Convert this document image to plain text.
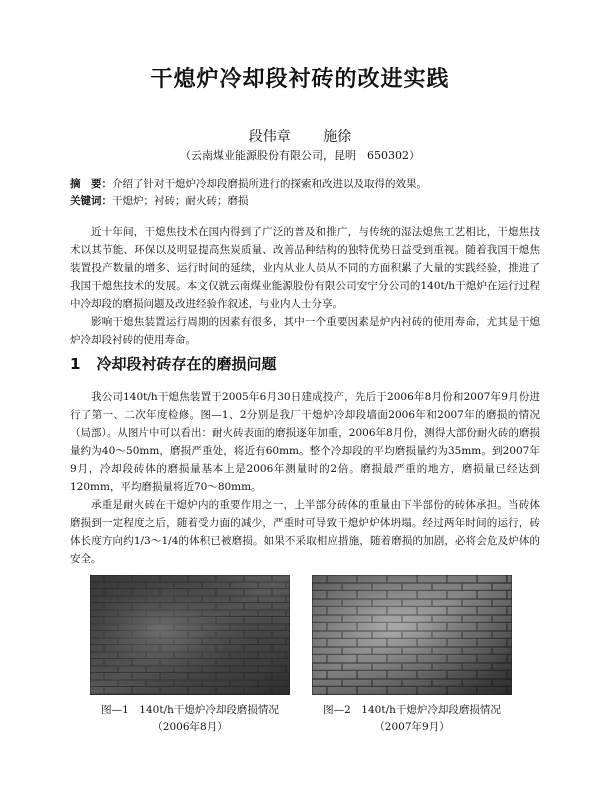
干熄炉冷却段衬砖的改进实践
段伟章 施徐
（云南煤业能源股份有限公司，昆明　650302）
摘　要：介绍了针对干熄炉冷却段磨损所进行的探索和改进以及取得的效果。
关键词：干熄炉；衬砖；耐火砖；磨损

近十年间，干熄焦技术在国内得到了广泛的普及和推广，与传统的湿法熄焦工艺相比，干熄焦技术以其节能、环保以及明显提高焦炭质量、改善品种结构的独特优势日益受到重视。随着我国干熄焦装置投产数量的增多、运行时间的延续，业内从业人员从不同的方面积累了大量的实践经验，推进了我国干熄焦技术的发展。本文仅就云南煤业能源股份有限公司安宁分公司的140t/h干熄炉在运行过程中冷却段的磨损问题及改进经验作叙述，与业内人士分享。

影响干熄焦装置运行周期的因素有很多，其中一个重要因素是炉内衬砖的使用寿命，尤其是干熄炉冷却段衬砖的使用寿命。

1 冷却段衬砖存在的磨损问题

我公司140t/h干熄焦装置于2005年6月30日建成投产，先后于2006年8月份和2007年9月份进行了第一、二次年度检修。图—1、2分别是我厂干熄炉冷却段墙面2006年和2007年的磨损的情况（局部）。从图片中可以看出：耐火砖表面的磨损逐年加重，2006年8月份，测得大部份耐火砖的磨损量约为40～50mm，磨损严重处，将近有60mm。整个冷却段的平均磨损量约为35mm。到2007年9月，冷却段砖体的磨损量基本上是2006年测量时的2倍。磨损最严重的地方，磨损量已经达到120mm，平均磨损量将近70～80mm。

承重是耐火砖在干熄炉内的重要作用之一，上半部分砖体的重量由下半部份的砖体承担。当砖体磨损到一定程度之后，随着受力面的减少，严重时可导致干熄炉炉体坍塌。经过两年时间的运行，砖体长度方向约1/3～1/4的体积已被磨损。如果不采取相应措施，随着磨损的加剧，必将会危及炉体的安全。

图—1　140t/h干熄炉冷却段磨损情况
（2006年8月）
图—2　140t/h干熄炉冷却段磨损情况
（2007年9月）
